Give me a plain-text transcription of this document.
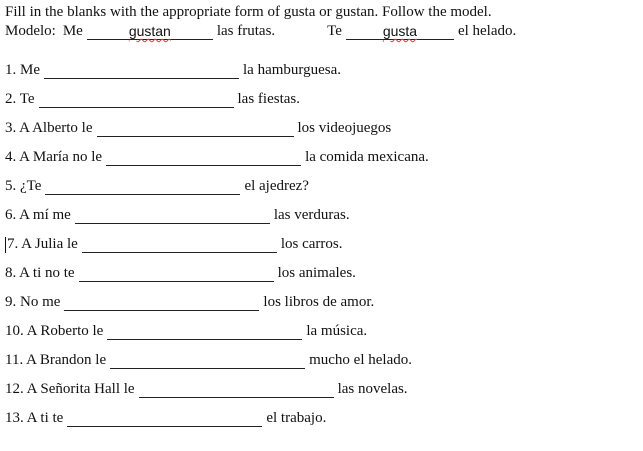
Fill in the blanks with the appropriate form of gusta or gustan. Follow the model.
Modelo: Me	gustan	las frutas.	Te	gusta	el helado.
1. Me	la hamburguesa.
2. Te	las fiestas.
3. A Alberto le	los videojuegos
4. A María no le	la comida mexicana.
5. ¿Te	el ajedrez?
6. A mí me	las verduras.
7. A Julia le	los carros.
8. A ti no te	los animales.
9. No me	los libros de amor.
10. A Roberto le	la música.
11. A Brandon le	mucho el helado.
12. A Señorita Hall le	las novelas.
13. A ti te	el trabajo.
